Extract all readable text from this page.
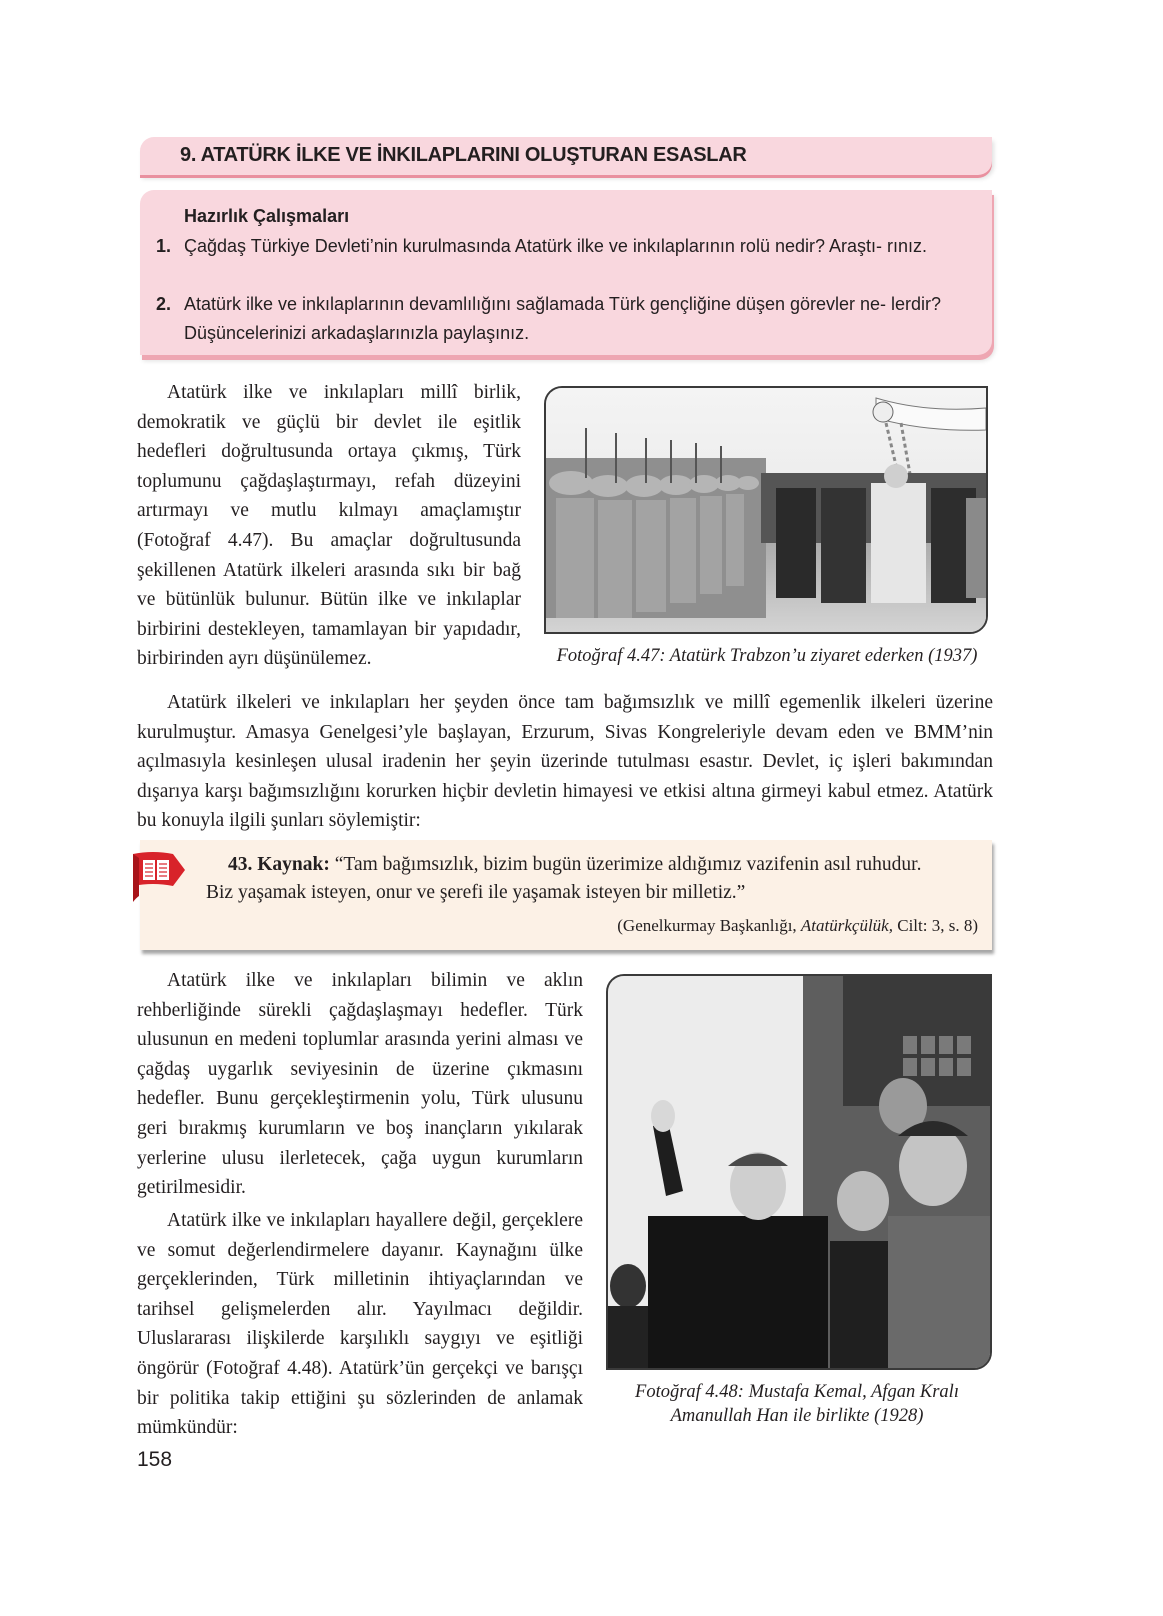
9. ATATÜRK İLKE VE İNKILAPLARINI OLUŞTURAN ESASLAR
Hazırlık Çalışmaları
1. Çağdaş Türkiye Devleti’nin kurulmasında Atatürk ilke ve inkılaplarının rolü nedir? Araştı- rınız.
2. Atatürk ilke ve inkılaplarının devamlılığını sağlamada Türk gençliğine düşen görevler ne- lerdir? Düşüncelerinizi arkadaşlarınızla paylaşınız.
Atatürk ilke ve inkılapları millî birlik, demokratik ve güçlü bir devlet ile eşitlik hedefleri doğrultusunda ortaya çıkmış, Türk toplumunu çağdaşlaştırmayı, refah düzeyini artırmayı ve mutlu kılmayı amaçlamıştır (Fotoğraf 4.47). Bu amaçlar doğrultusunda şekillenen Atatürk ilkeleri arasında sıkı bir bağ ve bütünlük bulunur. Bütün ilke ve inkılaplar birbirini destekleyen, tamamlayan bir yapıdadır, birbirinden ayrı düşünülemez.	Fotoğraf 4.47: Atatürk Trabzon’u ziyaret ederken (1937)
Atatürk ilkeleri ve inkılapları her şeyden önce tam bağımsızlık ve millî egemenlik ilkeleri üzerine kurulmuştur. Amasya Genelgesi’yle başlayan, Erzurum, Sivas Kongreleriyle devam eden ve BMM’nin açılmasıyla kesinleşen ulusal iradenin her şeyin üzerinde tutulması esastır. Devlet, iç işleri bakımından dışarıya karşı bağımsızlığını korurken hiçbir devletin himayesi ve etkisi altına girmeyi kabul etmez. Atatürk bu konuyla ilgili şunları söylemiştir:
43. Kaynak: “Tam bağımsızlık, bizim bugün üzerimize aldığımız vazifenin asıl ruhudur.
Biz yaşamak isteyen, onur ve şerefi ile yaşamak isteyen bir milletiz.”
(Genelkurmay Başkanlığı, Atatürkçülük, Cilt: 3, s. 8)
Atatürk ilke ve inkılapları bilimin ve aklın rehberliğinde sürekli çağdaşlaşmayı hedefler. Türk ulusunun en medeni toplumlar arasında yerini alması ve çağdaş uygarlık seviyesinin de üzerine çıkmasını hedefler. Bunu gerçekleştirmenin yolu, Türk ulusunu geri bırakmış kurumların ve boş inançların yıkılarak yerlerine ulusu ilerletecek, çağa uygun kurumların getirilmesidir.
Atatürk ilke ve inkılapları hayallere değil, gerçeklere ve somut değerlendirmelere dayanır. Kaynağını ülke gerçeklerinden, Türk milletinin ihtiyaçlarından ve tarihsel gelişmelerden alır. Yayılmacı değildir. Uluslararası ilişkilerde karşılıklı saygıyı ve eşitliği öngörür (Fotoğraf 4.48). Atatürk’ün gerçekçi ve barışçı bir politika takip ettiğini şu sözlerinden de anlamak mümkündür:
Fotoğraf 4.48: Mustafa Kemal, Afgan Kralı
Amanullah Han ile birlikte (1928)
158
